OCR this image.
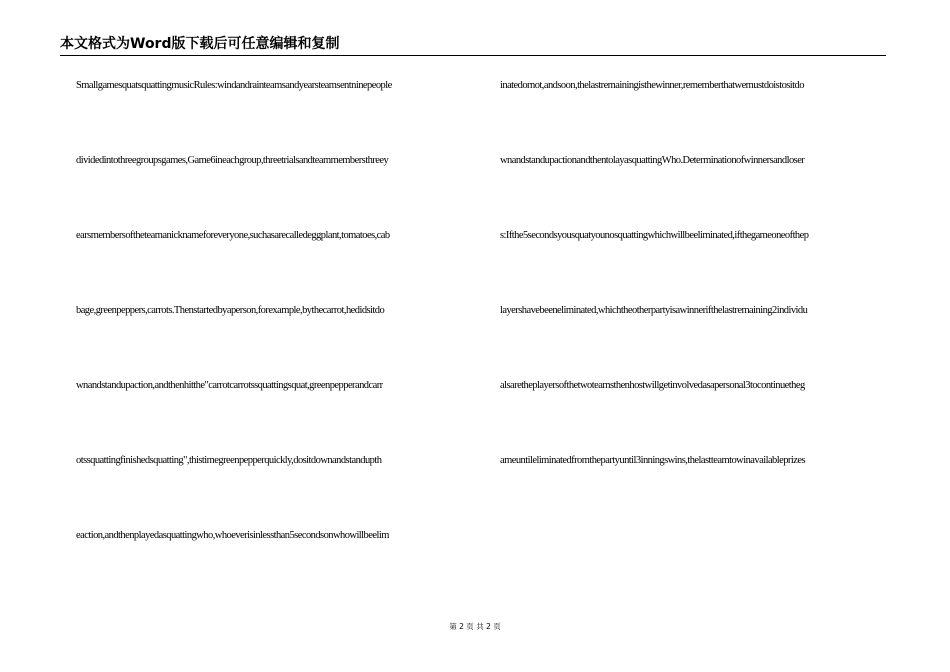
本文格式为Word版下载后可任意编辑和复制
SmallgamesquatsquattingmusicRules:windandrainteamsandyearsteamsentninepeople
dividedintothreegroupsgames,Game6ineachgroup,threetrialsandteammembersthreey
earsmembersoftheteamanicknameforeveryone,suchasarecalledeggplant,tomatoes,cab
bage,greenpeppers,carrots.Thenstartedbyaperson,forexample,bythecarrot,hedidsitdo
wnandstandupaction,andthenhitthe"carrotcarrotssquattingsquat,greenpepperandcarr
otssquattingfinishedsquatting",thistimegreenpepperquickly,dositdownandstandupth
eaction,andthenplayedasquattingwho,whoeverisinlessthan5secondsonwhowillbeelim
inatedornot,andsoon,thelastremainingisthewinner,rememberthatwemustdoistositdo
wnandstandupactionandthentolayasquattingWho.Determinationofwinnersandloser
s:Ifthe5secondsyousquatyounosquattingwhichwillbeeliminated,ifthegameoneofthep
layershavebeeneliminated,whichtheotherpartyisawinnerifthelastremaining2individu
alsaretheplayersofthetwoteamsthenhostwillgetinvolvedasapersonal3tocontinuetheg
ameuntileliminatedfromthepartyuntil3inningswins,thelastteamtowinavailableprizes
第 2 页 共 2 页
